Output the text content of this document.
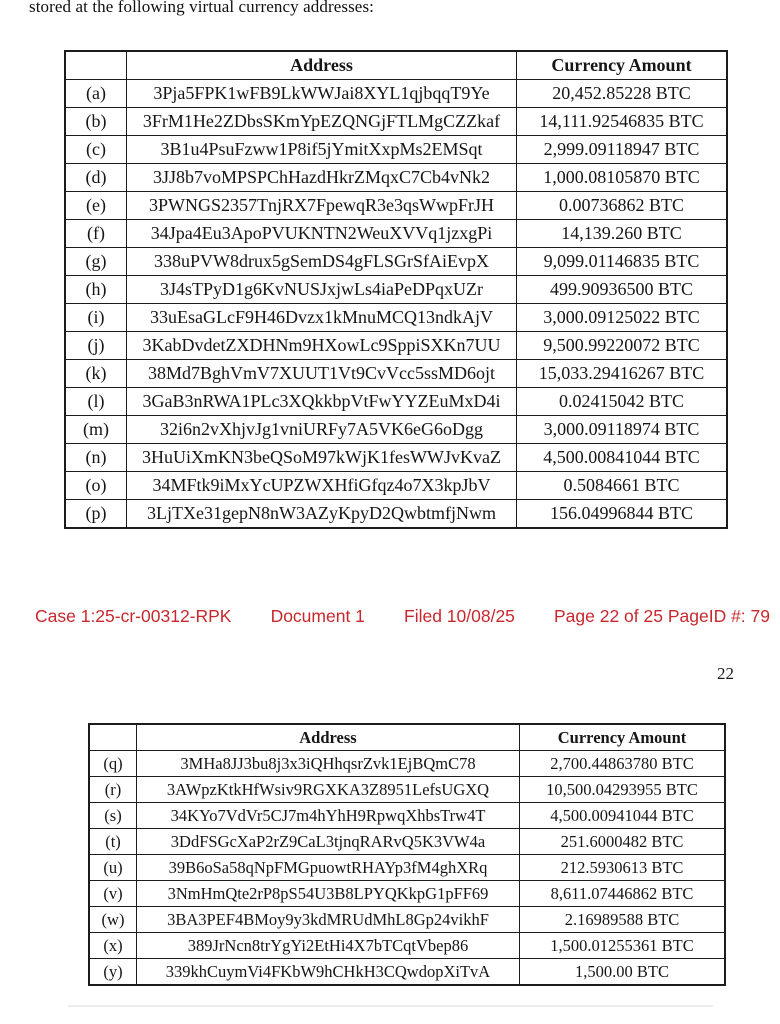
stored at the following virtual currency addresses:
	Address	Currency Amount
(a)	3Pja5FPK1wFB9LkWWJai8XYL1qjbqqT9Ye	20,452.85228 BTC
(b)	3FrM1He2ZDbsSKmYpEZQNGjFTLMgCZZkaf	14,111.92546835 BTC
(c)	3B1u4PsuFzww1P8if5jYmitXxpMs2EMSqt	2,999.09118947 BTC
(d)	3JJ8b7voMPSPChHazdHkrZMqxC7Cb4vNk2	1,000.08105870 BTC
(e)	3PWNGS2357TnjRX7FpewqR3e3qsWwpFrJH	0.00736862 BTC
(f)	34Jpa4Eu3ApoPVUKNTN2WeuXVVq1jzxgPi	14,139.260 BTC
(g)	338uPVW8drux5gSemDS4gFLSGrSfAiEvpX	9,099.01146835 BTC
(h)	3J4sTPyD1g6KvNUSJxjwLs4iaPeDPqxUZr	499.90936500 BTC
(i)	33uEsaGLcF9H46Dvzx1kMnuMCQ13ndkAjV	3,000.09125022 BTC
(j)	3KabDvdetZXDHNm9HXowLc9SppiSXKn7UU	9,500.99220072 BTC
(k)	38Md7BghVmV7XUUT1Vt9CvVcc5ssMD6ojt	15,033.29416267 BTC
(l)	3GaB3nRWA1PLc3XQkkbpVtFwYYZEuMxD4i	0.02415042 BTC
(m)	32i6n2vXhjvJg1vniURFy7A5VK6eG6oDgg	3,000.09118974 BTC
(n)	3HuUiXmKN3beQSoM97kWjK1fesWWJvKvaZ	4,500.00841044 BTC
(o)	34MFtk9iMxYcUPZWXHfiGfqz4o7X3kpJbV	0.5084661 BTC
(p)	3LjTXe31gepN8nW3AZyKpyD2QwbtmfjNwm	156.04996844 BTC
Case 1:25-cr-00312-RPK Document 1 Filed 10/08/25 Page 22 of 25 PageID #: 79
22
	Address	Currency Amount
(q)	3MHa8JJ3bu8j3x3iQHhqsrZvk1EjBQmC78	2,700.44863780 BTC
(r)	3AWpzKtkHfWsiv9RGXKA3Z8951LefsUGXQ	10,500.04293955 BTC
(s)	34KYo7VdVr5CJ7m4hYhH9RpwqXhbsTrw4T	4,500.00941044 BTC
(t)	3DdFSGcXaP2rZ9CaL3tjnqRARvQ5K3VW4a	251.6000482 BTC
(u)	39B6oSa58qNpFMGpuowtRHAYp3fM4ghXRq	212.5930613 BTC
(v)	3NmHmQte2rP8pS54U3B8LPYQKkpG1pFF69	8,611.07446862 BTC
(w)	3BA3PEF4BMoy9y3kdMRUdMhL8Gp24vikhF	2.16989588 BTC
(x)	389JrNcn8trYgYi2EtHi4X7bTCqtVbep86	1,500.01255361 BTC
(y)	339khCuymVi4FKbW9hCHkH3CQwdopXiTvA	1,500.00 BTC
